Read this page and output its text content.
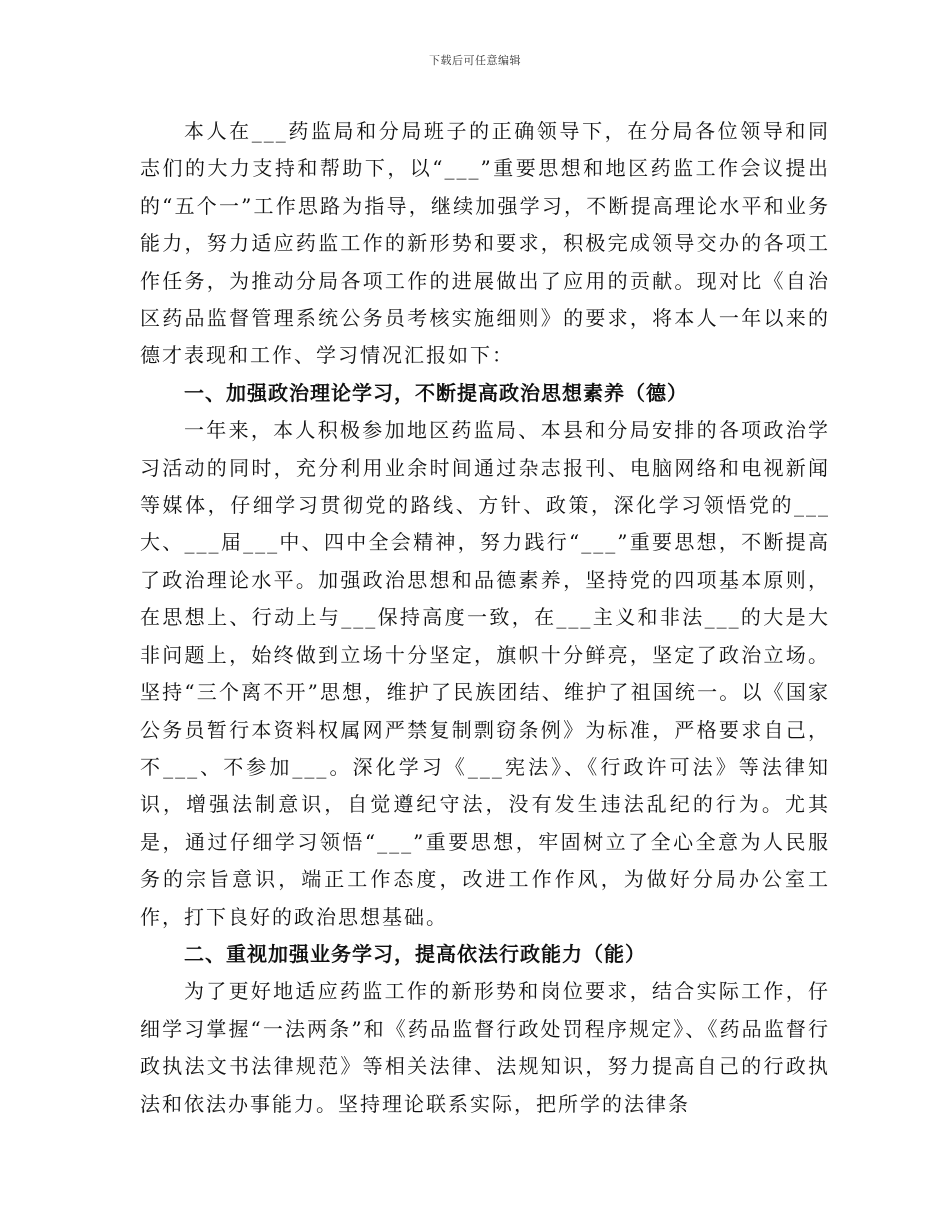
下载后可任意编辑

本人在___药监局和分局班子的正确领导下，在分局各位领导和同志们的大力支持和帮助下，以“___”重要思想和地区药监工作会议提出的“五个一”工作思路为指导，继续加强学习，不断提高理论水平和业务能力，努力适应药监工作的新形势和要求，积极完成领导交办的各项工作任务，为推动分局各项工作的进展做出了应用的贡献。现对比《自治区药品监督管理系统公务员考核实施细则》的要求，将本人一年以来的德才表现和工作、学习情况汇报如下：

一、加强政治理论学习，不断提高政治思想素养（德）

一年来，本人积极参加地区药监局、本县和分局安排的各项政治学习活动的同时，充分利用业余时间通过杂志报刊、电脑网络和电视新闻等媒体，仔细学习贯彻党的路线、方针、政策，深化学习领悟党的___大、___届___中、四中全会精神，努力践行“___”重要思想，不断提高了政治理论水平。加强政治思想和品德素养，坚持党的四项基本原则，在思想上、行动上与___保持高度一致，在___主义和非法___的大是大非问题上，始终做到立场十分坚定，旗帜十分鲜亮，坚定了政治立场。坚持“三个离不开”思想，维护了民族团结、维护了祖国统一。以《国家公务员暂行本资料权属网严禁复制剽窃条例》为标准，严格要求自己，不___、不参加___。深化学习《___宪法》、《行政许可法》等法律知识，增强法制意识，自觉遵纪守法，没有发生违法乱纪的行为。尤其是，通过仔细学习领悟“___”重要思想，牢固树立了全心全意为人民服务的宗旨意识，端正工作态度，改进工作作风，为做好分局办公室工作，打下良好的政治思想基础。

二、重视加强业务学习，提高依法行政能力（能）

为了更好地适应药监工作的新形势和岗位要求，结合实际工作，仔细学习掌握“一法两条”和《药品监督行政处罚程序规定》、《药品监督行政执法文书法律规范》等相关法律、法规知识，努力提高自己的行政执法和依法办事能力。坚持理论联系实际，把所学的法律条
